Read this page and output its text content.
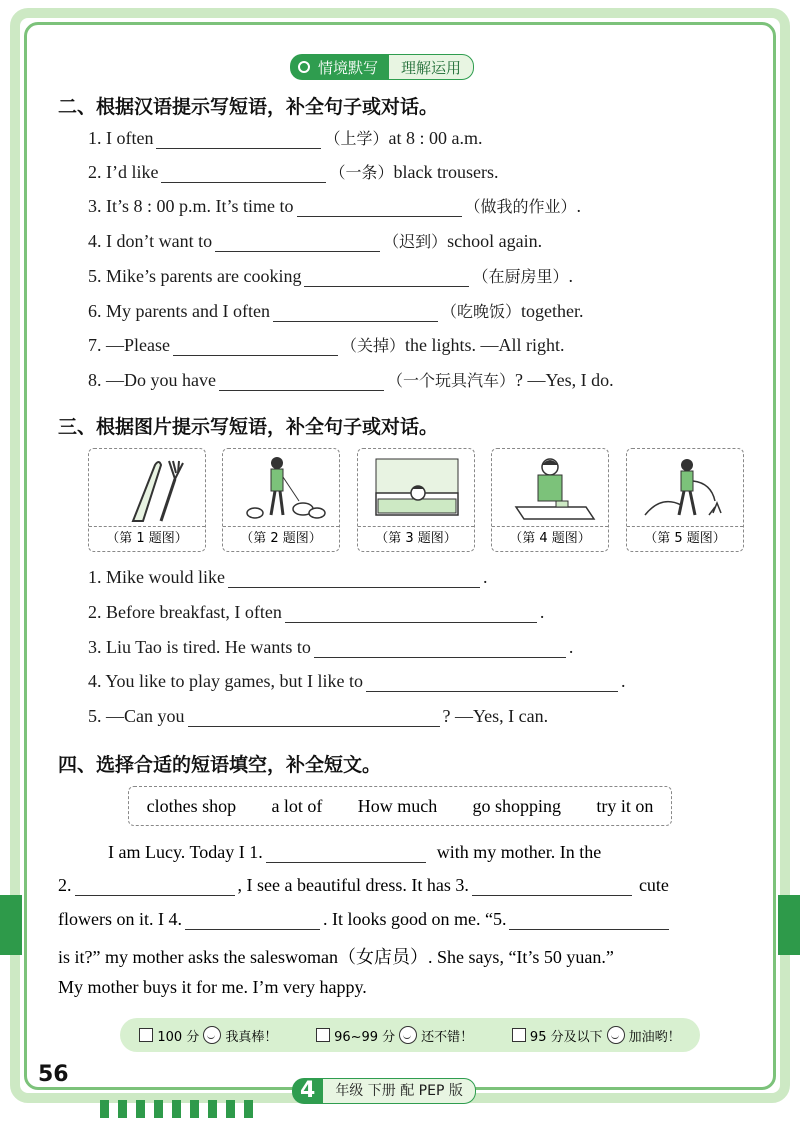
情境默写	理解运用
二、根据汉语提示写短语，补全句子或对话。
1. I often	（上学）at 8 : 00 a.m.
2. I’d like	（一条）black trousers.
3. It’s 8 : 00 p.m. It’s time to	（做我的作业）.
4. I don’t want to	（迟到）school again.
5. Mike’s parents are cooking	（在厨房里）.
6. My parents and I often	（吃晚饭）together.
7. —Please	（关掉）the lights. —All right.
8. —Do you have	（一个玩具汽车）? —Yes, I do.
三、根据图片提示写短语，补全句子或对话。
（第 1 题图）	（第 2 题图）	（第 3 题图）	（第 4 题图）	（第 5 题图）
1. Mike would like	.
2. Before breakfast, I often	.
3. Liu Tao is tired. He wants to	.
4. You like to play games, but I like to	.
5. —Can you	? —Yes, I can.
四、选择合适的短语填空，补全短文。
clothes shop a lot of How much go shopping try it on
I am Lucy. Today I 1.	with my mother. In the
2.	, I see a beautiful dress. It has 3.	cute
flowers on it. I 4.	. It looks good on me. “5.
is it?” my mother asks the saleswoman（女店员）. She says, “It’s 50 yuan.”
My mother buys it for me. I’m very happy.
100 分 我真棒！	96~99 分 还不错！	95 分及以下 加油哟！
56
4	年级 下册 配 PEP 版
